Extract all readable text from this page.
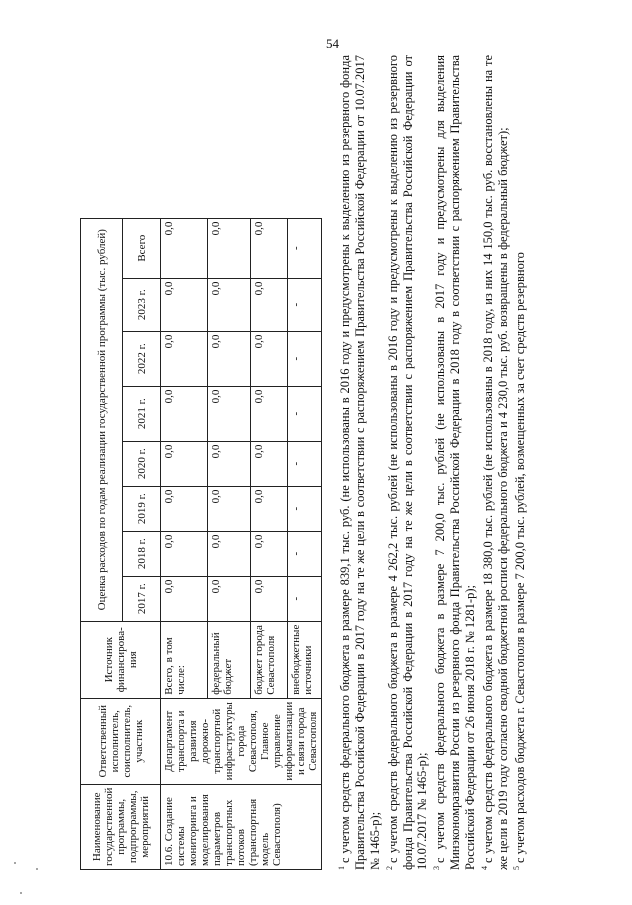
54
Наименование государственной программы, подпрограммы, мероприятий	Ответственный исполнитель, соисполнитель, участник	Источник финансирова-ния	Оценка расходов по годам реализации государственной программы (тыс. рублей)							
			2017 г.	2018 г.	2019 г.	2020 г.	2021 г.	2022 г.	2023 г.	Всего
10.6. Создание системы мониторинга и моделирования параметров транспортных потоков (транспортная модель Севастополя)	Департамент транспорта и развития дорожно-транспортной инфраструктуры города Севастополя, Главное управление информатизации и связи города Севастополя	Всего, в том числе:	0,0	0,0	0,0	0,0	0,0	0,0	0,0	0,0
		федеральный бюджет	0,0	0,0	0,0	0,0	0,0	0,0	0,0	0,0
		бюджет города Севастополя	0,0	0,0	0,0	0,0	0,0	0,0	0,0	0,0
		внебюджетные источники	-	-	-	-	-	-	-	-

$^1$с учетом средств федерального бюджета в размере 839,1 тыс. руб. (не использованы в 2016 году и предусмотрены к выделению из резервного фонда Правительства Российской Федерации в 2017 году на те же цели в соответствии с распоряжением Правительства Российской Федерации от 10.07.2017 № 1465-р); $^2$с учетом средств федерального бюджета в размере 4 262,2 тыс. рублей (не использованы в 2016 году и предусмотрены к выделению из резервного фонда Правительства Российской Федерации в 2017 году на те же цели в соответствии с распоряжением Правительства Российской Федерации от 10.07.2017 № 1465-р); $^3$с учетом средств федерального бюджета в размере 7 200,0 тыс. рублей (не использованы в 2017 году и предусмотрены для выделения Минэкономразвития России из резервного фонда Правительства Российской Федерации в 2018 году в соответствии с распоряжением Правительства Российской Федерации от 26 июня 2018 г. № 1281-р); $^4$с учетом средств федерального бюджета в размере 18 380,0 тыс. рублей (не использованы в 2018 году, из них 14 150,0 тыс. руб. восстановлены на те же цели в 2019 году согласно сводной бюджетной росписи федерального бюджета и 4 230,0 тыс. руб. возвращены в федеральный бюджет); $^5$с учетом расходов бюджета г. Севастополя в размере 7 200,0 тыс. рублей, возмещенных за счет средств резервного
